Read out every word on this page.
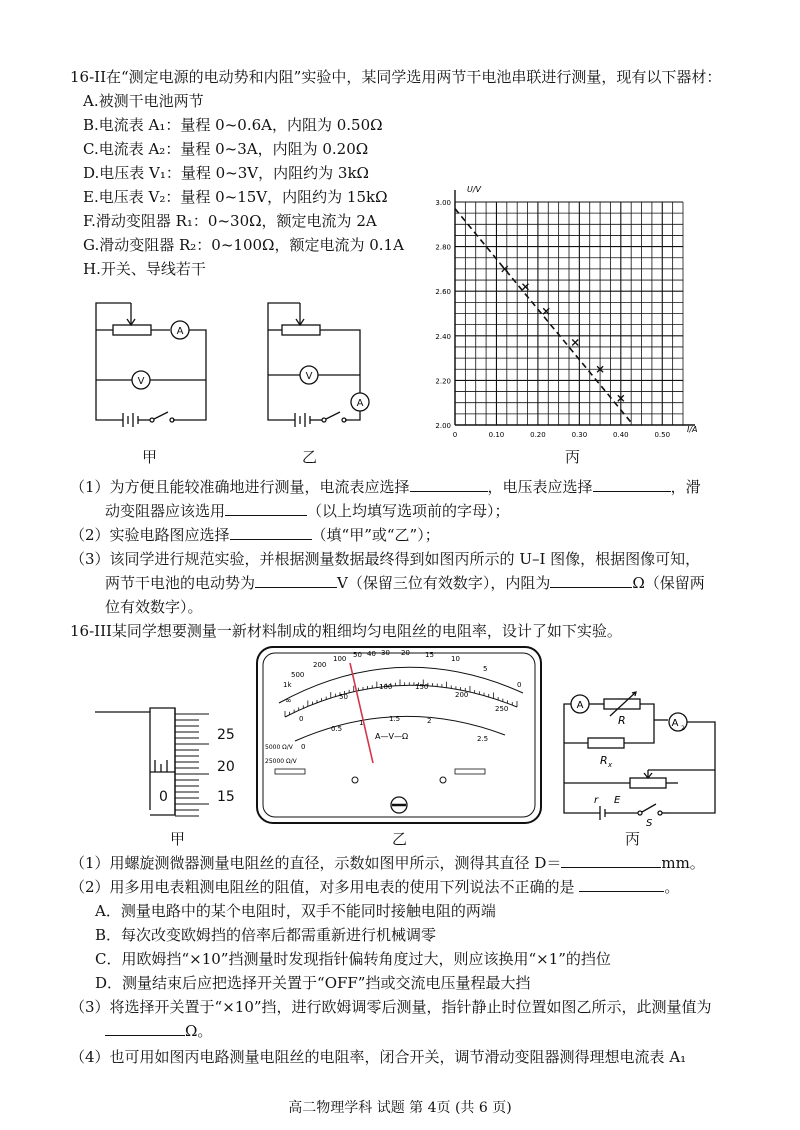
16-II在“测定电源的电动势和内阻”实验中，某同学选用两节干电池串联进行测量，现有以下器材：
A.被测干电池两节
B.电流表 A₁：量程 0~0.6A，内阻为 0.50Ω
C.电流表 A₂：量程 0~3A，内阻为 0.20Ω
D.电压表 V₁：量程 0~3V，内阻约为 3kΩ
E.电压表 V₂：量程 0~15V，内阻约为 15kΩ
F.滑动变阻器 R₁：0~30Ω，额定电流为 2A
G.滑动变阻器 R₂：0~100Ω，额定电流为 0.1A
H.开关、导线若干
A
V
甲
V
A
乙
0	0.10	0.20	0.30	0.40	0.50
2.00
2.20
2.40
2.60
2.80
3.00
U/V
I/A
丙
（1）为方便且能较准确地进行测量，电流表应选择	，电压表应选择	，滑
动变阻器应该选用	（以上均填写选项前的字母）；
（2）实验电路图应选择	（填“甲”或“乙”）；
（3）该同学进行规范实验，并根据测量数据最终得到如图丙所示的 U–I 图像，根据图像可知，
两节干电池的电动势为	V（保留三位有效数字），内阻为	Ω（保留两
位有效数字）。
16-III某同学想要测量一新材料制成的粗细均匀电阻丝的电阻率，设计了如下实验。
25
20
15
0
甲
1k
500
200
100 50 40 30 20 15 10
5
0
∞
0
50
100	150
200
250
0
0.5
1	1.5	2
2.5
A—V—Ω
5000 Ω/V
25000 Ω/V
乙
A
A 2
R
R x
r E
S
丙
（1）用螺旋测微器测量电阻丝的直径，示数如图甲所示，测得其直径 D＝	mm。
（2）用多用电表粗测电阻丝的阻值，对多用电表的使用下列说法不正确的是	。
A．测量电路中的某个电阻时，双手不能同时接触电阻的两端
B．每次改变欧姆挡的倍率后都需重新进行机械调零
C．用欧姆挡“×10”挡测量时发现指针偏转角度过大，则应该换用“×1”的挡位
D．测量结束后应把选择开关置于“OFF”挡或交流电压量程最大挡
（3）将选择开关置于“×10”挡，进行欧姆调零后测量，指针静止时位置如图乙所示，此测量值为
Ω。
（4）也可用如图丙电路测量电阻丝的电阻率，闭合开关，调节滑动变阻器测得理想电流表 A₁
高二物理学科 试题 第 4页 (共 6 页)
